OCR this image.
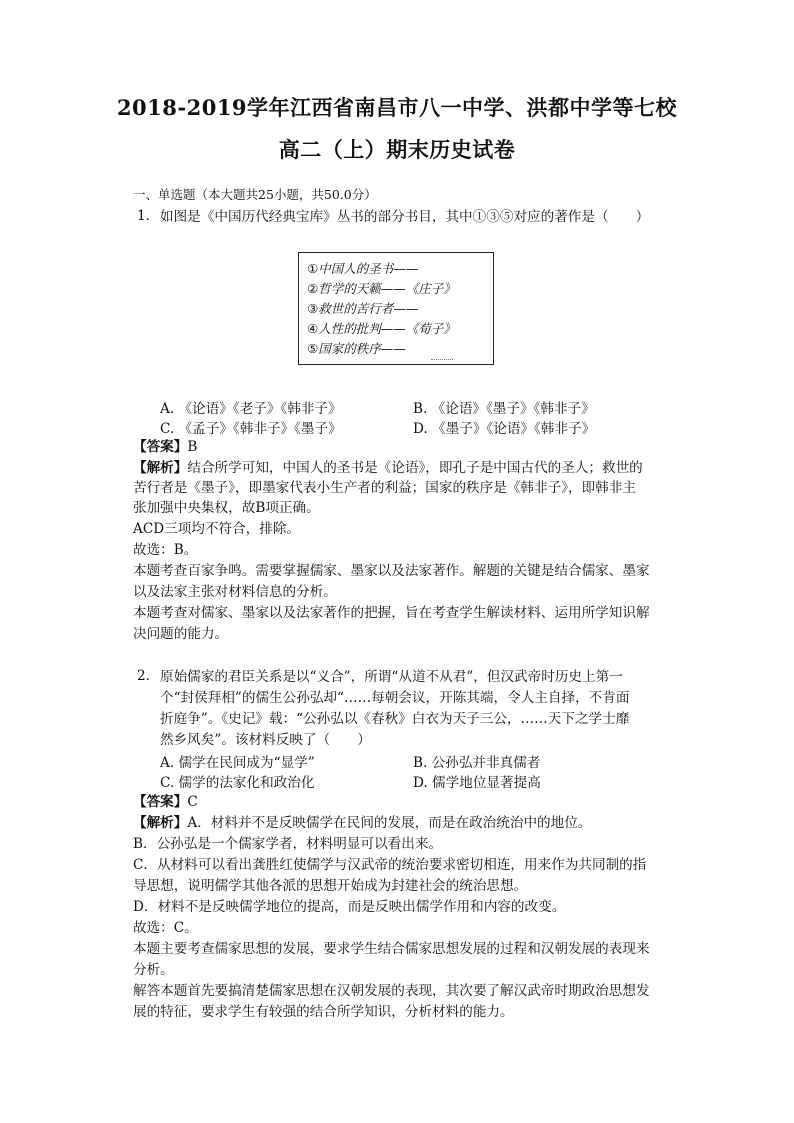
2018-2019学年江西省南昌市八一中学、洪都中学等七校
高二（上）期末历史试卷
一、单选题（本大题共25小题，共50.0分）
1. 如图是《中国历代经典宝库》丛书的部分书目，其中①③⑤对应的著作是（　　）
①中国人的圣书——
②哲学的天籁——《庄子》
③救世的苦行者——
④人性的批判——《荀子》
⑤国家的秩序——
A. 《论语》《老子》《韩非子》	B. 《论语》《墨子》《韩非子》
C. 《孟子》《韩非子》《墨子》	D. 《墨子》《论语》《韩非子》
【答案】B
【解析】结合所学可知，中国人的圣书是《论语》，即孔子是中国古代的圣人；救世的
苦行者是《墨子》，即墨家代表小生产者的利益；国家的秩序是《韩非子》，即韩非主
张加强中央集权，故B项正确。
ACD三项均不符合，排除。
故选：B。
本题考查百家争鸣。需要掌握儒家、墨家以及法家著作。解题的关键是结合儒家、墨家
以及法家主张对材料信息的分析。
本题考查对儒家、墨家以及法家著作的把握，旨在考查学生解读材料、运用所学知识解
决问题的能力。
2. 原始儒家的君臣关系是以“义合”，所谓“从道不从君”，但汉武帝时历史上第一
个“封侯拜相”的儒生公孙弘却“……每朝会议，开陈其端，令人主自择，不肯面
折庭争”。《史记》载：“公孙弘以《春秋》白衣为天子三公，……天下之学士靡
然乡风矣”。该材料反映了（　　）
A. 儒学在民间成为“显学”	B. 公孙弘并非真儒者
C. 儒学的法家化和政治化	D. 儒学地位显著提高
【答案】C
【解析】A．材料并不是反映儒学在民间的发展，而是在政治统治中的地位。
B．公孙弘是一个儒家学者，材料明显可以看出来。
C．从材料可以看出龚胜红使儒学与汉武帝的统治要求密切相连，用来作为共同制的指
导思想，说明儒学其他各派的思想开始成为封建社会的统治思想。
D．材料不是反映儒学地位的提高，而是反映出儒学作用和内容的改变。
故选：C。
本题主要考查儒家思想的发展，要求学生结合儒家思想发展的过程和汉朝发展的表现来
分析。
解答本题首先要搞清楚儒家思想在汉朝发展的表现，其次要了解汉武帝时期政治思想发
展的特征，要求学生有较强的结合所学知识，分析材料的能力。
